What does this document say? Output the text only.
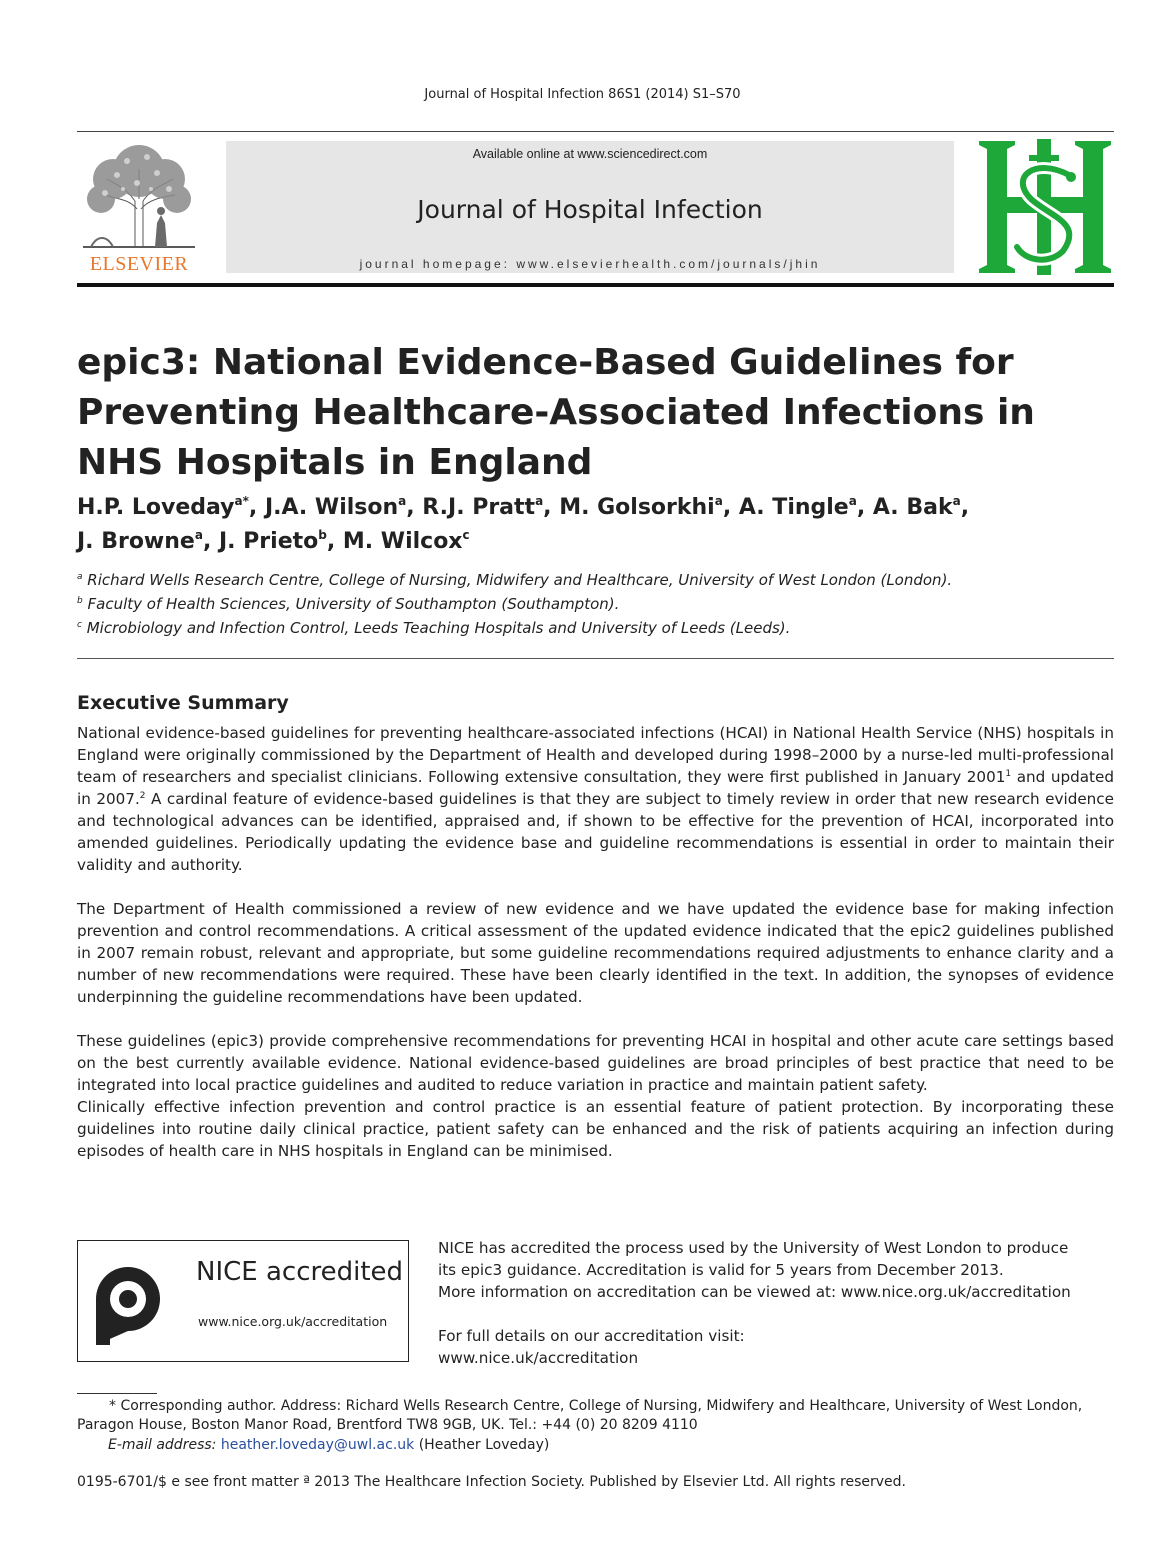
Journal of Hospital Infection 86S1 (2014) S1–S70
ELSEVIER
Available online at www.sciencedirect.com
Journal of Hospital Infection
journal homepage: www.elsevierhealth.com/journals/jhin
epic3: National Evidence-Based Guidelines for
Preventing Healthcare-Associated Infections in
NHS Hospitals in England
H.P. Loveday$^{a*}$, J.A. Wilson$^a$, R.J. Pratt$^a$, M. Golsorkhi$^a$, A. Tingle$^a$, A. Bak$^a$,
J. Browne$^a$, J. Prieto$^b$, M. Wilcox$^c$
$^a$ Richard Wells Research Centre, College of Nursing, Midwifery and Healthcare, University of West London (London).
$^b$ Faculty of Health Sciences, University of Southampton (Southampton).
$^c$ Microbiology and Infection Control, Leeds Teaching Hospitals and University of Leeds (Leeds).
Executive Summary

National evidence-based guidelines for preventing healthcare-associated infections (HCAI) in National Health Service (NHS) hospitals in England were originally commissioned by the Department of Health and developed during 1998–2000 by a nurse-led multi-professional team of researchers and specialist clinicians. Following extensive consultation, they were first published in January 2001$^1$ and updated in 2007.$^2$ A cardinal feature of evidence-based guidelines is that they are subject to timely review in order that new research evidence and technological advances can be identified, appraised and, if shown to be effective for the prevention of HCAI, incorporated into amended guidelines. Periodically updating the evidence base and guideline recommendations is essential in order to maintain their validity and authority.

The Department of Health commissioned a review of new evidence and we have updated the evidence base for making infection prevention and control recommendations. A critical assessment of the updated evidence indicated that the epic2 guidelines published in 2007 remain robust, relevant and appropriate, but some guideline recommendations required adjustments to enhance clarity and a number of new recommendations were required. These have been clearly identified in the text. In addition, the synopses of evidence underpinning the guideline recommendations have been updated.

These guidelines (epic3) provide comprehensive recommendations for preventing HCAI in hospital and other acute care settings based on the best currently available evidence. National evidence-based guidelines are broad principles of best practice that need to be integrated into local practice guidelines and audited to reduce variation in practice and maintain patient safety.

Clinically effective infection prevention and control practice is an essential feature of patient protection. By incorporating these guidelines into routine daily clinical practice, patient safety can be enhanced and the risk of patients acquiring an infection during episodes of health care in NHS hospitals in England can be minimised.

NICE accredited
www.nice.org.uk/accreditation
NICE has accredited the process used by the University of West London to produce
its epic3 guidance. Accreditation is valid for 5 years from December 2013.
More information on accreditation can be viewed at: www.nice.org.uk/accreditation
For full details on our accreditation visit:
www.nice.uk/accreditation
* Corresponding author. Address: Richard Wells Research Centre, College of Nursing, Midwifery and Healthcare, University of West London, Paragon House, Boston Manor Road, Brentford TW8 9GB, UK. Tel.: +44 (0) 20 8209 4110
E-mail address: heather.loveday@uwl.ac.uk (Heather Loveday)
0195-6701/$ e see front matter ª 2013 The Healthcare Infection Society. Published by Elsevier Ltd. All rights reserved.
